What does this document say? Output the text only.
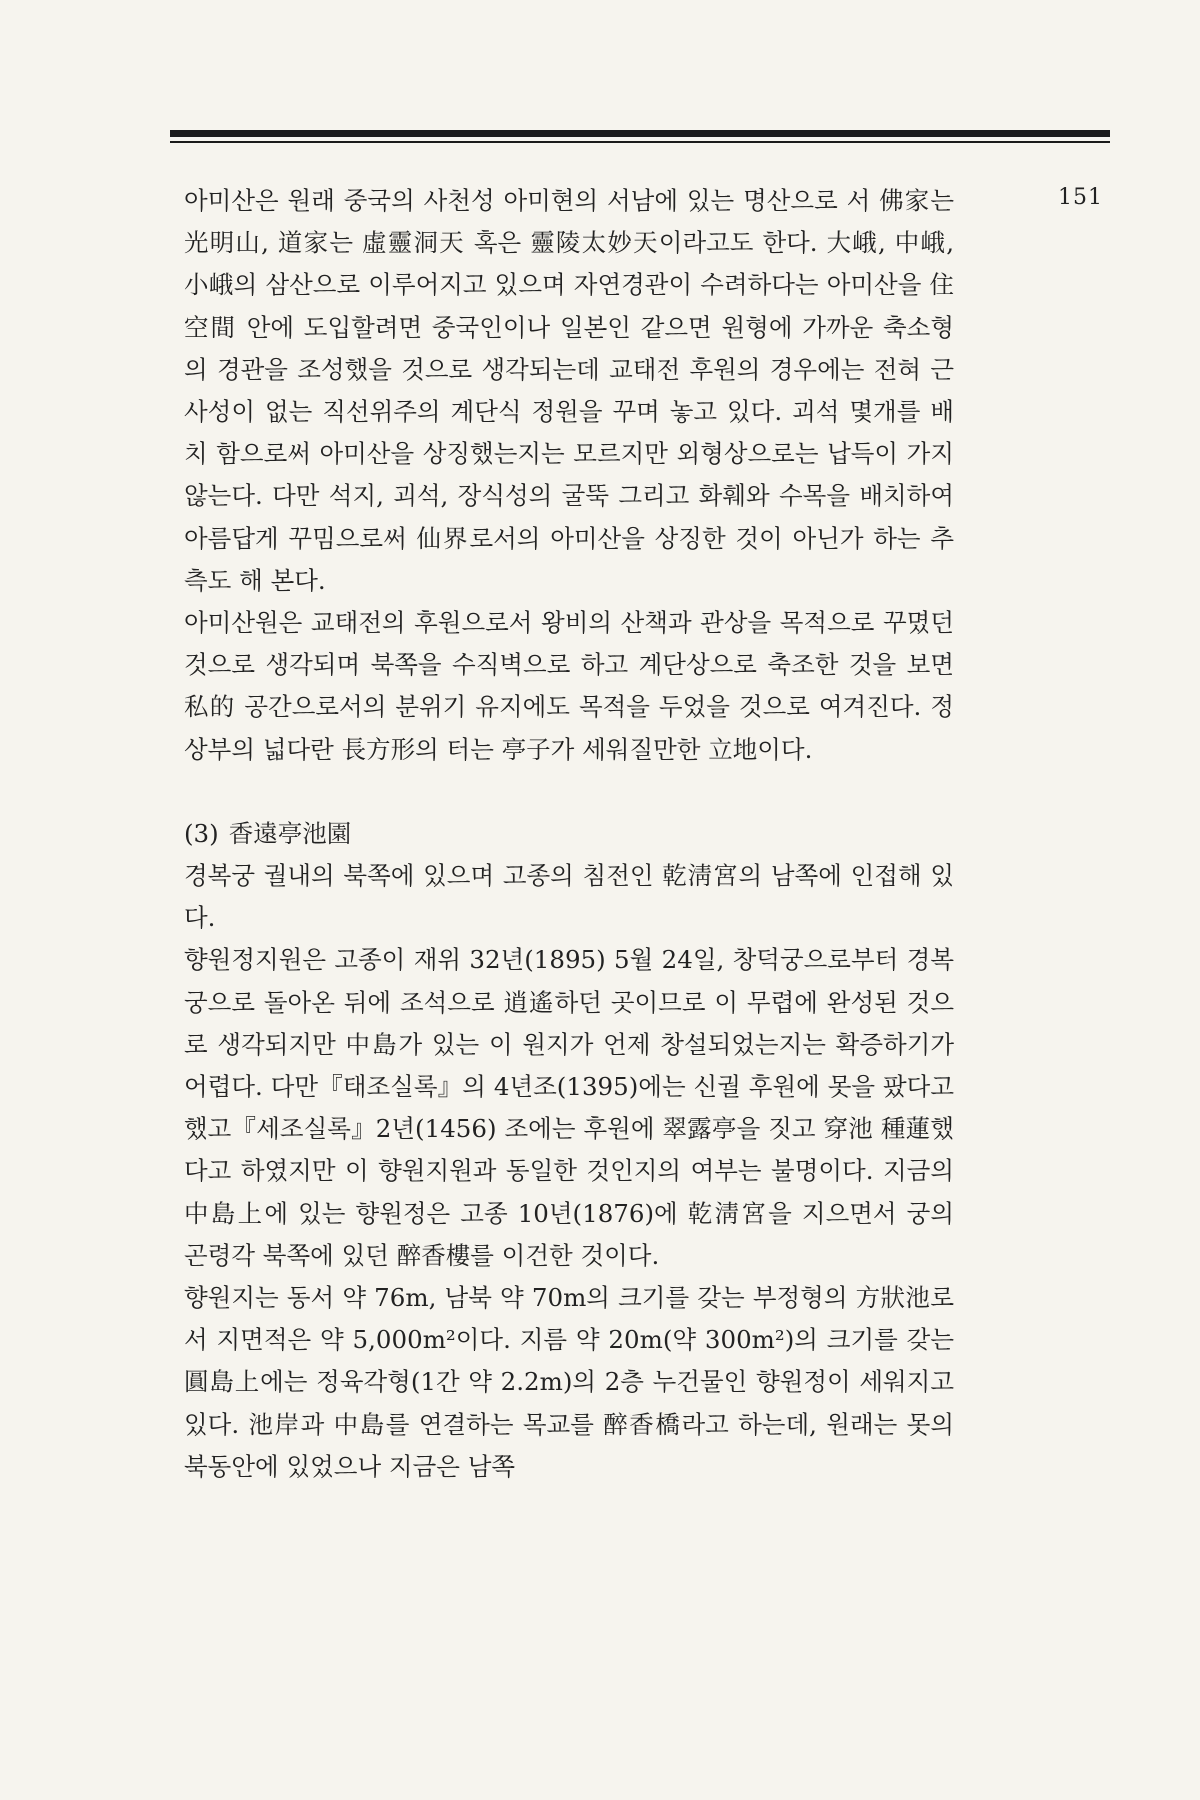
151

아미산은 원래 중국의 사천성 아미현의 서남에 있는 명산으로 서 佛家는 光明山, 道家는 虛靈洞天 혹은 靈陵太妙天이라고도 한다. 大峨, 中峨, 小峨의 삼산으로 이루어지고 있으며 자연경관이 수려하다는 아미산을 住空間 안에 도입할려면 중국인이나 일본인 같으면 원형에 가까운 축소형의 경관을 조성했을 것으로 생각되는데 교태전 후원의 경우에는 전혀 근사성이 없는 직선위주의 계단식 정원을 꾸며 놓고 있다. 괴석 몇개를 배치 함으로써 아미산을 상징했는지는 모르지만 외형상으로는 납득이 가지 않는다. 다만 석지, 괴석, 장식성의 굴뚝 그리고 화훼와 수목을 배치하여 아름답게 꾸밈으로써 仙界로서의 아미산을 상징한 것이 아닌가 하는 추측도 해 본다.

아미산원은 교태전의 후원으로서 왕비의 산책과 관상을 목적으로 꾸몄던 것으로 생각되며 북쪽을 수직벽으로 하고 계단상으로 축조한 것을 보면 私的 공간으로서의 분위기 유지에도 목적을 두었을 것으로 여겨진다. 정상부의 넓다란 長方形의 터는 亭子가 세워질만한 立地이다.

(3) 香遠亭池園

경복궁 궐내의 북쪽에 있으며 고종의 침전인 乾淸宮의 남쪽에 인접해 있다.

향원정지원은 고종이 재위 32년(1895) 5월 24일, 창덕궁으로부터 경복궁으로 돌아온 뒤에 조석으로 逍遙하던 곳이므로 이 무렵에 완성된 것으로 생각되지만 中島가 있는 이 원지가 언제 창설되었는지는 확증하기가 어렵다. 다만『태조실록』의 4년조(1395)에는 신궐 후원에 못을 팠다고 했고『세조실록』2년(1456) 조에는 후원에 翠露亭을 짓고 穿池 種蓮했다고 하였지만 이 향원지원과 동일한 것인지의 여부는 불명이다. 지금의 中島上에 있는 향원정은 고종 10년(1876)에 乾淸宮을 지으면서 궁의 곤령각 북쪽에 있던 醉香樓를 이건한 것이다.

향원지는 동서 약 76m, 남북 약 70m의 크기를 갖는 부정형의 方狀池로서 지면적은 약 5,000m²이다. 지름 약 20m(약 300m²)의 크기를 갖는 圓島上에는 정육각형(1간 약 2.2m)의 2층 누건물인 향원정이 세워지고 있다. 池岸과 中島를 연결하는 목교를 醉香橋라고 하는데, 원래는 못의 북동안에 있었으나 지금은 남쪽
